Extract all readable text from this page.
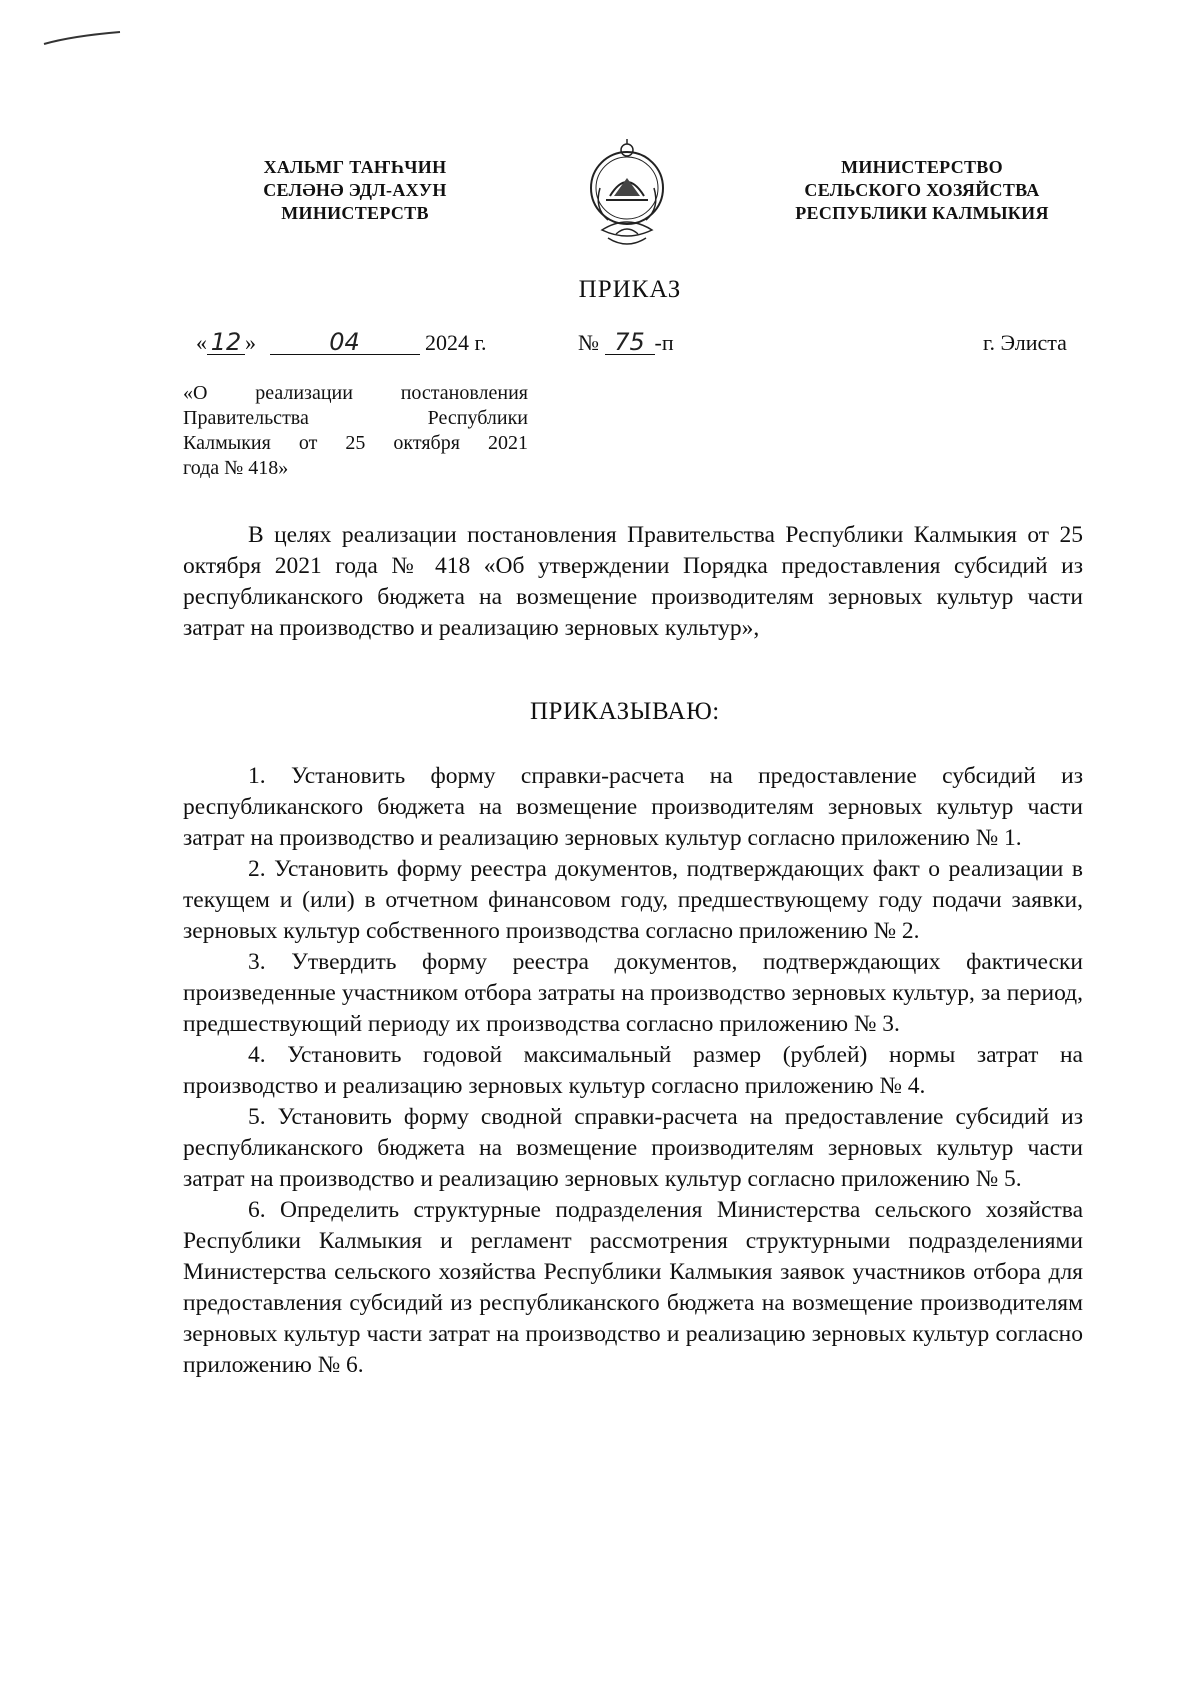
ХАЛЬМГ ТАҤҺЧИН
СЕЛӘНӘ ЭДЛ-АХУН
МИНИСТЕРСТВ
МИНИСТЕРСТВО
СЕЛЬСКОГО ХОЗЯЙСТВА
РЕСПУБЛИКИ КАЛМЫКИЯ
ПРИКАЗ
« 12 »	04	2024 г.	№ 75 -п	г. Элиста
«О реализации постановления
Правительства	Республики
Калмыкия от 25 октября 2021
года № 418»
В целях реализации постановления Правительства Республики Калмыкия от 25 октября 2021 года № 418 «Об утверждении Порядка предоставления субсидий из республиканского бюджета на возмещение производителям зерновых культур части затрат на производство и реализацию зерновых культур»,
ПРИКАЗЫВАЮ:

1. Установить форму справки-расчета на предоставление субсидий из республиканского бюджета на возмещение производителям зерновых культур части затрат на производство и реализацию зерновых культур согласно приложению № 1.

2. Установить форму реестра документов, подтверждающих факт о реализации в текущем и (или) в отчетном финансовом году, предшествующему году подачи заявки, зерновых культур собственного производства согласно приложению № 2.

3. Утвердить форму реестра документов, подтверждающих фактически произведенные участником отбора затраты на производство зерновых культур, за период, предшествующий периоду их производства согласно приложению № 3.

4. Установить годовой максимальный размер (рублей) нормы затрат на производство и реализацию зерновых культур согласно приложению № 4.

5. Установить форму сводной справки-расчета на предоставление субсидий из республиканского бюджета на возмещение производителям зерновых культур части затрат на производство и реализацию зерновых культур согласно приложению № 5.

6. Определить структурные подразделения Министерства сельского хозяйства Республики Калмыкия и регламент рассмотрения структурными подразделениями Министерства сельского хозяйства Республики Калмыкия заявок участников отбора для предоставления субсидий из республиканского бюджета на возмещение производителям зерновых культур части затрат на производство и реализацию зерновых культур согласно приложению № 6.
